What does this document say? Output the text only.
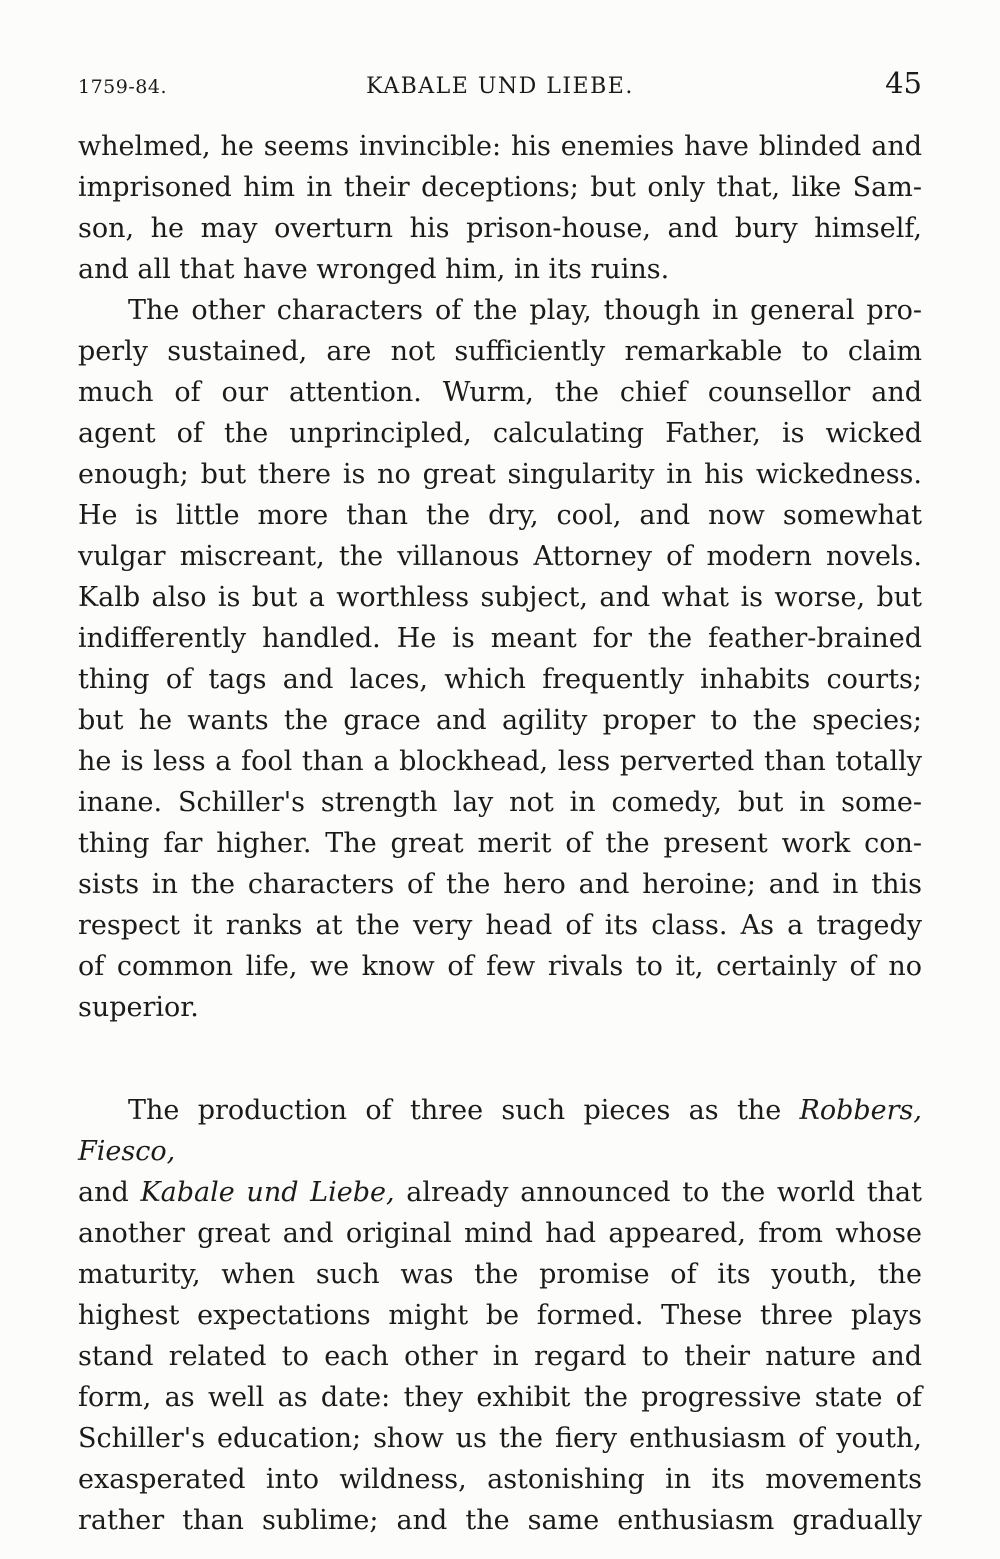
1759-84.	KABALE UND LIEBE.	45
whelmed, he seems invincible: his enemies have blinded and
imprisoned him in their deceptions; but only that, like Sam-
son, he may overturn his prison-house, and bury himself,
and all that have wronged him, in its ruins.
The other characters of the play, though in general pro-
perly sustained, are not sufficiently remarkable to claim
much of our attention. Wurm, the chief counsellor and
agent of the unprincipled, calculating Father, is wicked
enough; but there is no great singularity in his wickedness.
He is little more than the dry, cool, and now somewhat
vulgar miscreant, the villanous Attorney of modern novels.
Kalb also is but a worthless subject, and what is worse, but
indifferently handled. He is meant for the feather-brained
thing of tags and laces, which frequently inhabits courts;
but he wants the grace and agility proper to the species;
he is less a fool than a blockhead, less perverted than totally
inane. Schiller's strength lay not in comedy, but in some-
thing far higher. The great merit of the present work con-
sists in the characters of the hero and heroine; and in this
respect it ranks at the very head of its class. As a tragedy
of common life, we know of few rivals to it, certainly of no
superior.
The production of three such pieces as the Robbers, Fiesco,
and Kabale und Liebe, already announced to the world that
another great and original mind had appeared, from whose
maturity, when such was the promise of its youth, the
highest expectations might be formed. These three plays
stand related to each other in regard to their nature and
form, as well as date: they exhibit the progressive state of
Schiller's education; show us the fiery enthusiasm of youth,
exasperated into wildness, astonishing in its movements
rather than sublime; and the same enthusiasm gradually
